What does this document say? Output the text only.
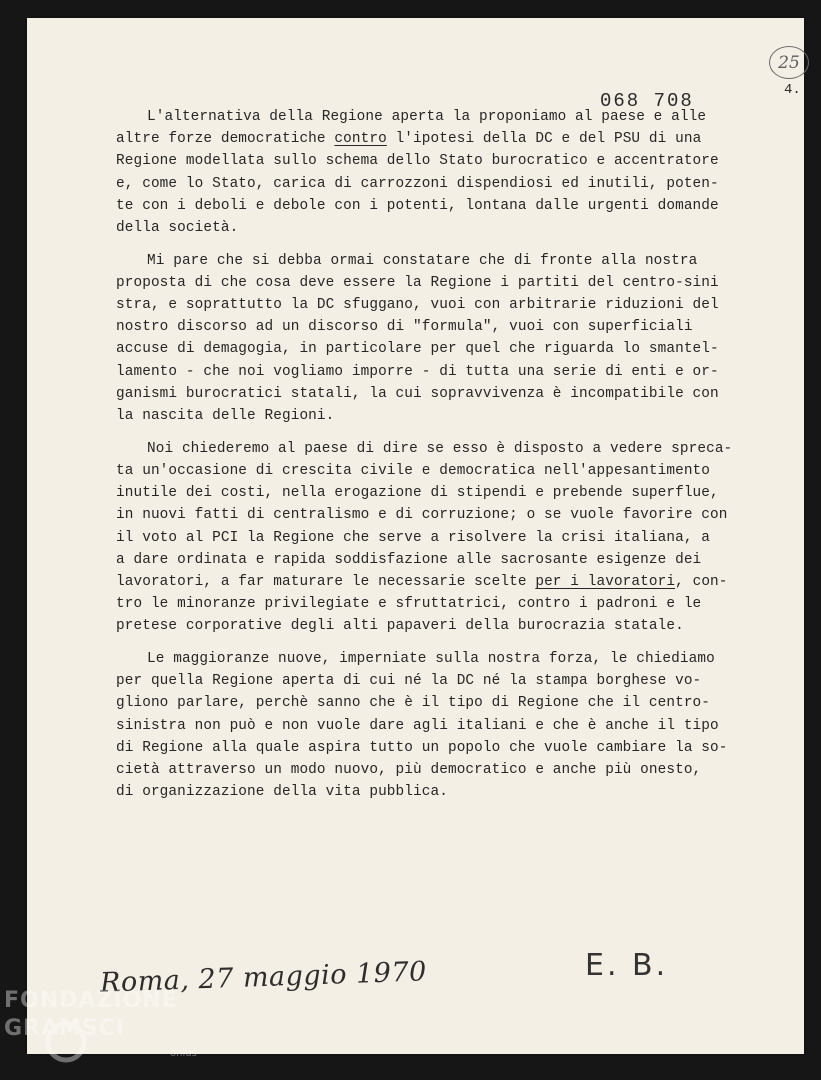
25
068 708	4.
L'alternativa della Regione aperta la proponiamo al paese e alle
altre forze democratiche contro l'ipotesi della DC e del PSU di una
Regione modellata sullo schema dello Stato burocratico e accentratore
e, come lo Stato, carica di carrozzoni dispendiosi ed inutili, poten-
te con i deboli e debole con i potenti, lontana dalle urgenti domande
della società.
Mi pare che si debba ormai constatare che di fronte alla nostra
proposta di che cosa deve essere la Regione i partiti del centro-sini
stra, e soprattutto la DC sfuggano, vuoi con arbitrarie riduzioni del
nostro discorso ad un discorso di "formula", vuoi con superficiali
accuse di demagogia, in particolare per quel che riguarda lo smantel-
lamento - che noi vogliamo imporre - di tutta una serie di enti e or-
ganismi burocratici statali, la cui sopravvivenza è incompatibile con
la nascita delle Regioni.
Noi chiederemo al paese di dire se esso è disposto a vedere spreca-
ta un'occasione di crescita civile e democratica nell'appesantimento
inutile dei costi, nella erogazione di stipendi e prebende superflue,
in nuovi fatti di centralismo e di corruzione; o se vuole favorire con
il voto al PCI la Regione che serve a risolvere la crisi italiana, a
a dare ordinata e rapida soddisfazione alle sacrosante esigenze dei
lavoratori, a far maturare le necessarie scelte per i lavoratori, con-
tro le minoranze privilegiate e sfruttatrici, contro i padroni e le
pretese corporative degli alti papaveri della burocrazia statale.
Le maggioranze nuove, imperniate sulla nostra forza, le chiediamo
per quella Regione aperta di cui né la DC né la stampa borghese vo-
gliono parlare, perchè sanno che è il tipo di Regione che il centro-
sinistra non può e non vuole dare agli italiani e che è anche il tipo
di Regione alla quale aspira tutto un popolo che vuole cambiare la so-
cietà attraverso un modo nuovo, più democratico e anche più onesto,
di organizzazione della vita pubblica.
Roma, 27 maggio 1970	E. B.
FONDAZIONE
GRAMSCI
onlus
